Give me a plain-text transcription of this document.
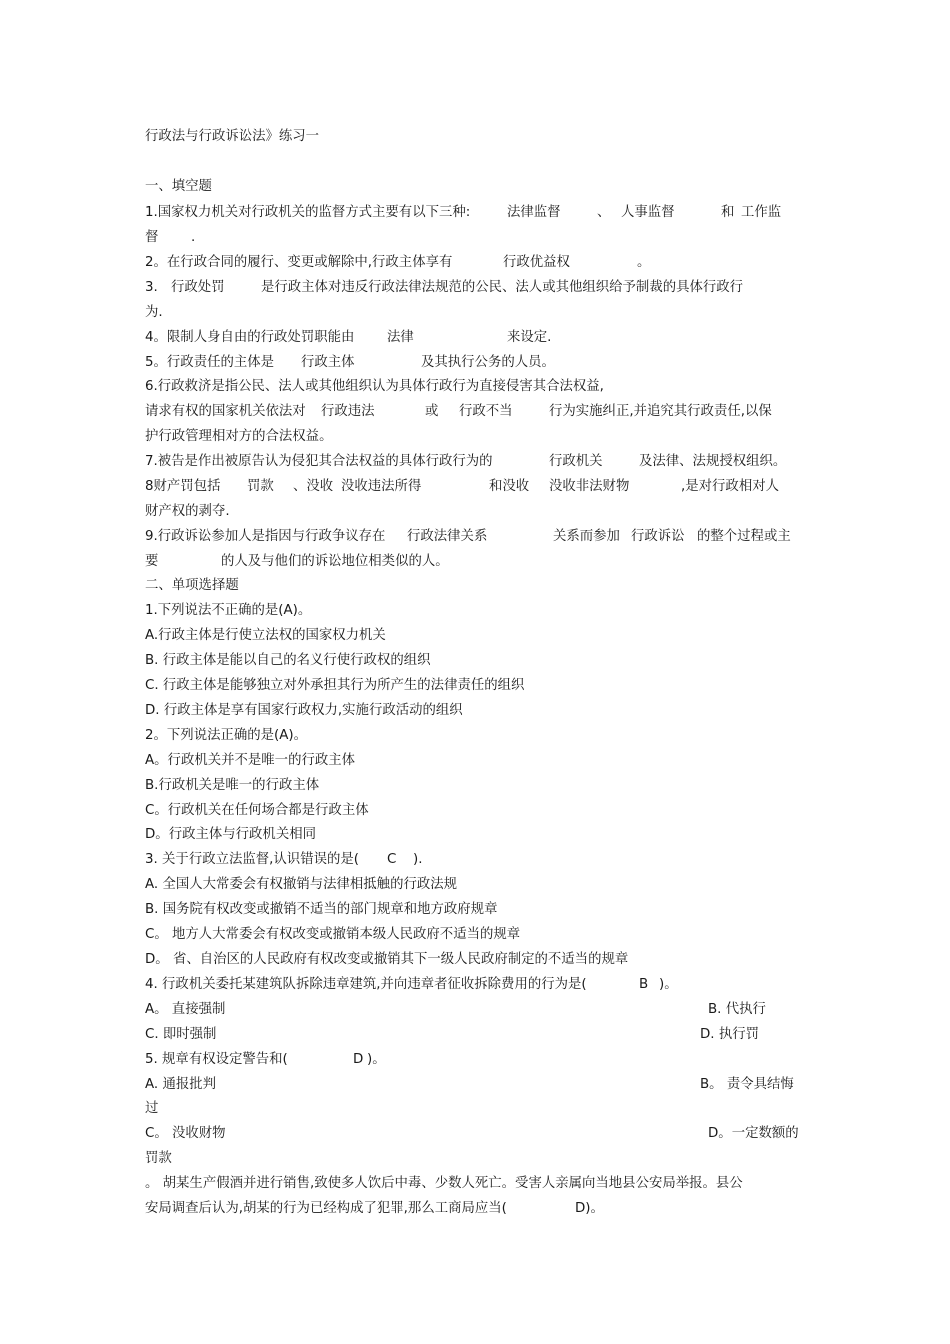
行政法与行政诉讼法》练习一
一、填空题
1.国家权力机关对行政机关的监督方式主要有以下三种:	法律监督	、 人事监督	和 工作监
督 .
2。在行政合同的履行、变更或解除中,行政主体享有	行政优益权	。
3. 行政处罚	是行政主体对违反行政法律法规范的公民、法人或其他组织给予制裁的具体行政行
为.
4。限制人身自由的行政处罚职能由 法律	来设定.
5。行政责任的主体是 行政主体	及其执行公务的人员。
6.行政救济是指公民、法人或其他组织认为具体行政行为直接侵害其合法权益,
请求有权的国家机关依法对 行政违法	或 行政不当	行为实施纠正,并追究其行政责任,以保
护行政管理相对方的合法权益。
7.被告是作出被原告认为侵犯其合法权益的具体行政行为的	行政机关	及法律、法规授权组织。
8财产罚包括 罚款 、没收 没收违法所得	和没收 没收非法财物	,是对行政相对人
财产权的剥夺.
9.行政诉讼参加人是指因与行政争议存在 行政法律关系	关系而参加 行政诉讼 的整个过程或主
要	的人及与他们的诉讼地位相类似的人。
二、单项选择题
1.下列说法不正确的是(A)。
A.行政主体是行使立法权的国家权力机关
B. 行政主体是能以自己的名义行使行政权的组织
C. 行政主体是能够独立对外承担其行为所产生的法律责任的组织
D. 行政主体是享有国家行政权力,实施行政活动的组织
2。下列说法正确的是(A)。
A。行政机关并不是唯一的行政主体
B.行政机关是唯一的行政主体
C。行政机关在任何场合都是行政主体
D。行政主体与行政机关相同
3. 关于行政立法监督,认识错误的是( C ).
A. 全国人大常委会有权撤销与法律相抵触的行政法规
B. 国务院有权改变或撤销不适当的部门规章和地方政府规章
C。 地方人大常委会有权改变或撤销本级人民政府不适当的规章
D。 省、自治区的人民政府有权改变或撤销其下一级人民政府制定的不适当的规章
4. 行政机关委托某建筑队拆除违章建筑,并向违章者征收拆除费用的行为是(	B )。
A。 直接强制	B. 代执行
C. 即时强制	D. 执行罚
5. 规章有权设定警告和(	D )。
A. 通报批判	B。 责令具结悔
过
C。 没收财物	D。一定数额的
罚款
。 胡某生产假酒并进行销售,致使多人饮后中毒、少数人死亡。受害人亲属向当地县公安局举报。县公
安局调查后认为,胡某的行为已经构成了犯罪,那么工商局应当(	D)。
